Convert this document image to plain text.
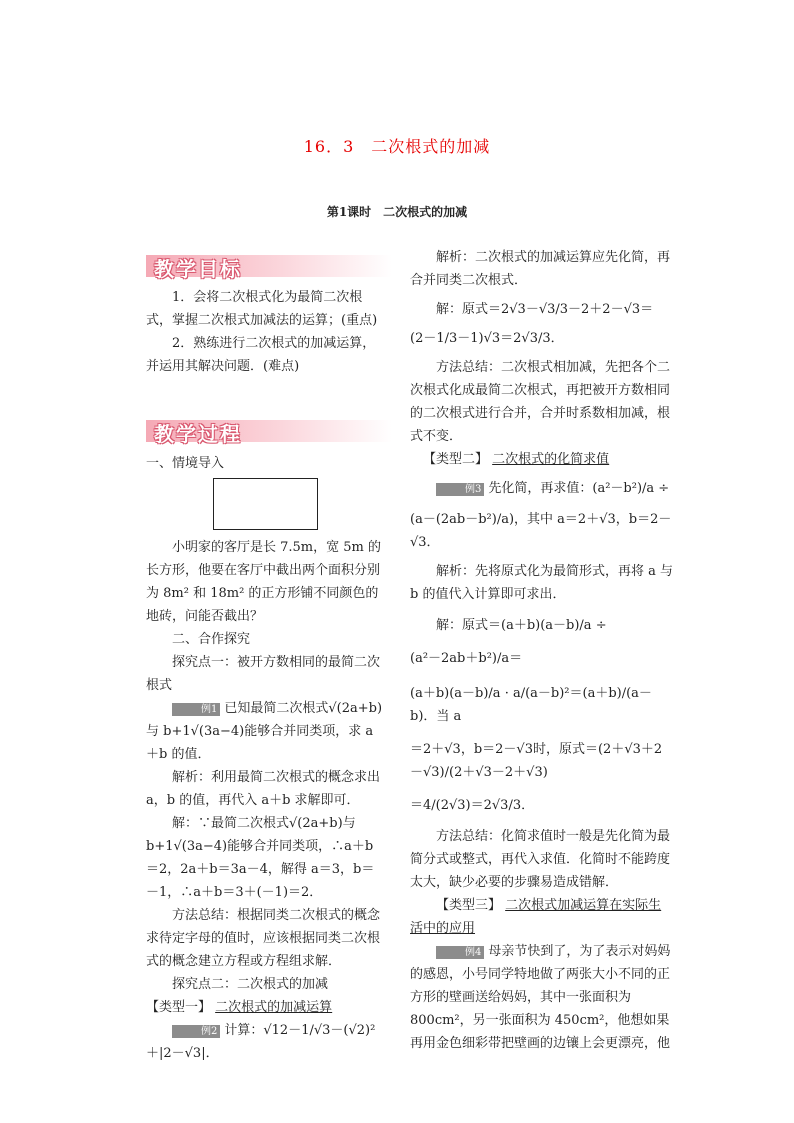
16．3　二次根式的加减
第1课时　二次根式的加减
教学目标
1．会将二次根式化为最简二次根式，掌握二次根式加减法的运算；(重点)
2．熟练进行二次根式的加减运算，并运用其解决问题．(难点)
教学过程
一、情境导入
小明家的客厅是长 7.5m，宽 5m 的长方形，他要在客厅中截出两个面积分别为 8m² 和 18m² 的正方形铺不同颜色的地砖，问能否截出？
二、合作探究
探究点一：被开方数相同的最简二次根式
例1 已知最简二次根式√(2a+b)与 b+1√(3a−4)能够合并同类项，求 a＋b 的值．
解析：利用最简二次根式的概念求出 a，b 的值，再代入 a＋b 求解即可．
解：∵最简二次根式√(2a+b)与 b+1√(3a−4)能够合并同类项，∴a＋b＝2，2a＋b＝3a－4，解得 a＝3，b＝－1，∴a＋b＝3＋(－1)＝2．
方法总结：根据同类二次根式的概念求待定字母的值时，应该根据同类二次根式的概念建立方程或方程组求解．
探究点二：二次根式的加减
【类型一】 二次根式的加减运算
例2 计算：√12－1/√3－(√2)²＋|2－√3|．
解析：二次根式的加减运算应先化简，再合并同类二次根式．
解：原式＝2√3－√3/3－2＋2－√3＝
(2－1/3－1)√3＝2√3/3．
方法总结：二次根式相加减，先把各个二次根式化成最简二次根式，再把被开方数相同的二次根式进行合并，合并时系数相加减，根式不变．
【类型二】 二次根式的化简求值
例3 先化简，再求值：(a²－b²)/a ÷
(a－(2ab－b²)/a)，其中 a＝2＋√3，b＝2－√3．
解析：先将原式化为最简形式，再将 a 与 b 的值代入计算即可求出．
解：原式＝(a＋b)(a－b)/a ÷
(a²－2ab＋b²)/a＝
(a＋b)(a－b)/a · a/(a－b)²＝(a＋b)/(a－b)．当 a
＝2＋√3，b＝2－√3时，原式＝(2＋√3＋2－√3)/(2＋√3－2＋√3)
＝4/(2√3)＝2√3/3．
方法总结：化简求值时一般是先化简为最简分式或整式，再代入求值．化简时不能跨度太大，缺少必要的步骤易造成错解．
【类型三】 二次根式加减运算在实际生活中的应用
例4 母亲节快到了，为了表示对妈妈的感恩，小号同学特地做了两张大小不同的正方形的壁画送给妈妈，其中一张面积为 800cm²，另一张面积为 450cm²，他想如果再用金色细彩带把壁画的边镶上会更漂亮，他
